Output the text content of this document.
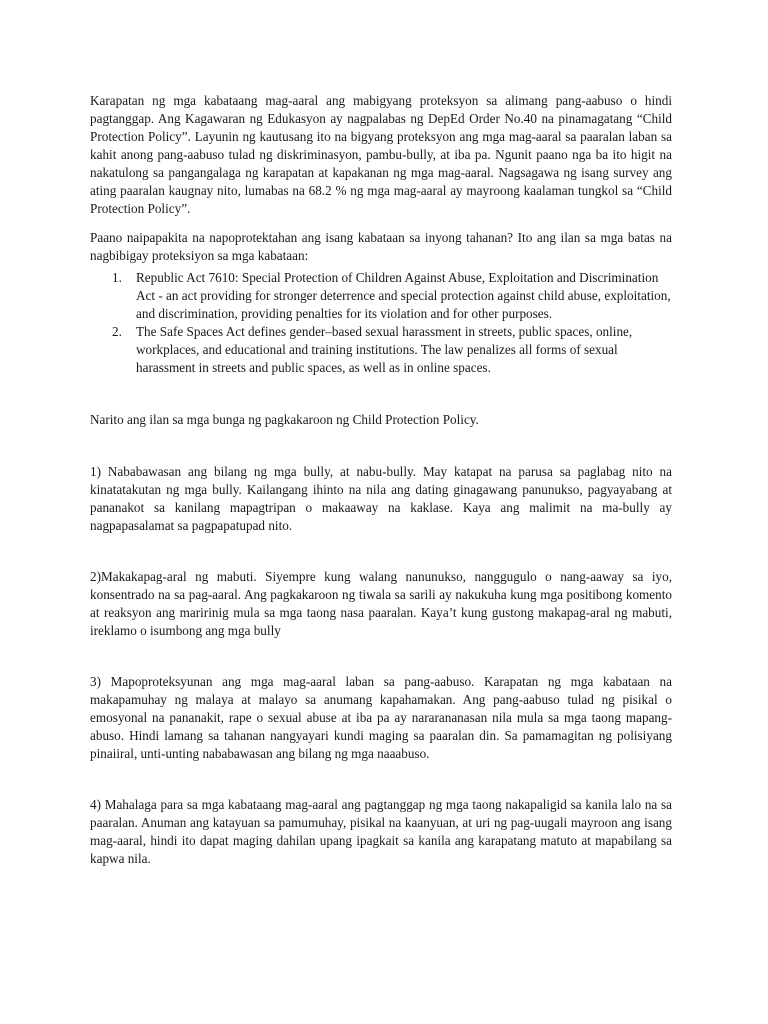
Karapatan ng mga kabataang mag-aaral ang mabigyang proteksyon sa alimang pang-aabuso o hindi pagtanggap. Ang Kagawaran ng Edukasyon ay nagpalabas ng DepEd Order No.40 na pinamagatang “Child Protection Policy”. Layunin ng kautusang ito na bigyang proteksyon ang mga mag-aaral sa paaralan laban sa kahit anong pang-aabuso tulad ng diskriminasyon, pambu-bully, at iba pa. Ngunit paano nga ba ito higit na nakatulong sa pangangalaga ng karapatan at kapakanan ng mga mag-aaral. Nagsagawa ng isang survey ang ating paaralan kaugnay nito, lumabas na 68.2 % ng mga mag-aaral ay mayroong kaalaman tungkol sa “Child Protection Policy”.

Paano naipapakita na napoprotektahan ang isang kabataan sa inyong tahanan? Ito ang ilan sa mga batas na nagbibigay proteksiyon sa mga kabataan:

1. Republic Act 7610: Special Protection of Children Against Abuse, Exploitation and Discrimination Act - an act providing for stronger deterrence and special protection against child abuse, exploitation, and discrimination, providing penalties for its violation and for other purposes.
2. The Safe Spaces Act defines gender–based sexual harassment in streets, public spaces, online, workplaces, and educational and training institutions. The law penalizes all forms of sexual harassment in streets and public spaces, as well as in online spaces.

Narito ang ilan sa mga bunga ng pagkakaroon ng Child Protection Policy.

1) Nababawasan ang bilang ng mga bully, at nabu-bully. May katapat na parusa sa paglabag nito na kinatatakutan ng mga bully. Kailangang ihinto na nila ang dating ginagawang panunukso, pagyayabang at pananakot sa kanilang mapagtripan o makaaway na kaklase. Kaya ang malimit na ma-bully ay nagpapasalamat sa pagpapatupad nito.

2)Makakapag-aral ng mabuti. Siyempre kung walang nanunukso, nanggugulo o nang-aaway sa iyo, konsentrado na sa pag-aaral. Ang pagkakaroon ng tiwala sa sarili ay nakukuha kung mga positibong komento at reaksyon ang maririnig mula sa mga taong nasa paaralan. Kaya’t kung gustong makapag-aral ng mabuti, ireklamo o isumbong ang mga bully

3) Mapoproteksyunan ang mga mag-aaral laban sa pang-aabuso. Karapatan ng mga kabataan na makapamuhay ng malaya at malayo sa anumang kapahamakan. Ang pang-aabuso tulad ng pisikal o emosyonal na pananakit, rape o sexual abuse at iba pa ay nararananasan nila mula sa mga taong mapang-abuso. Hindi lamang sa tahanan nangyayari kundi maging sa paaralan din. Sa pamamagitan ng polisiyang pinaiiral, unti-unting nababawasan ang bilang ng mga naaabuso.

4) Mahalaga para sa mga kabataang mag-aaral ang pagtanggap ng mga taong nakapaligid sa kanila lalo na sa paaralan. Anuman ang katayuan sa pamumuhay, pisikal na kaanyuan, at uri ng pag-uugali mayroon ang isang mag-aaral, hindi ito dapat maging dahilan upang ipagkait sa kanila ang karapatang matuto at mapabilang sa kapwa nila.
